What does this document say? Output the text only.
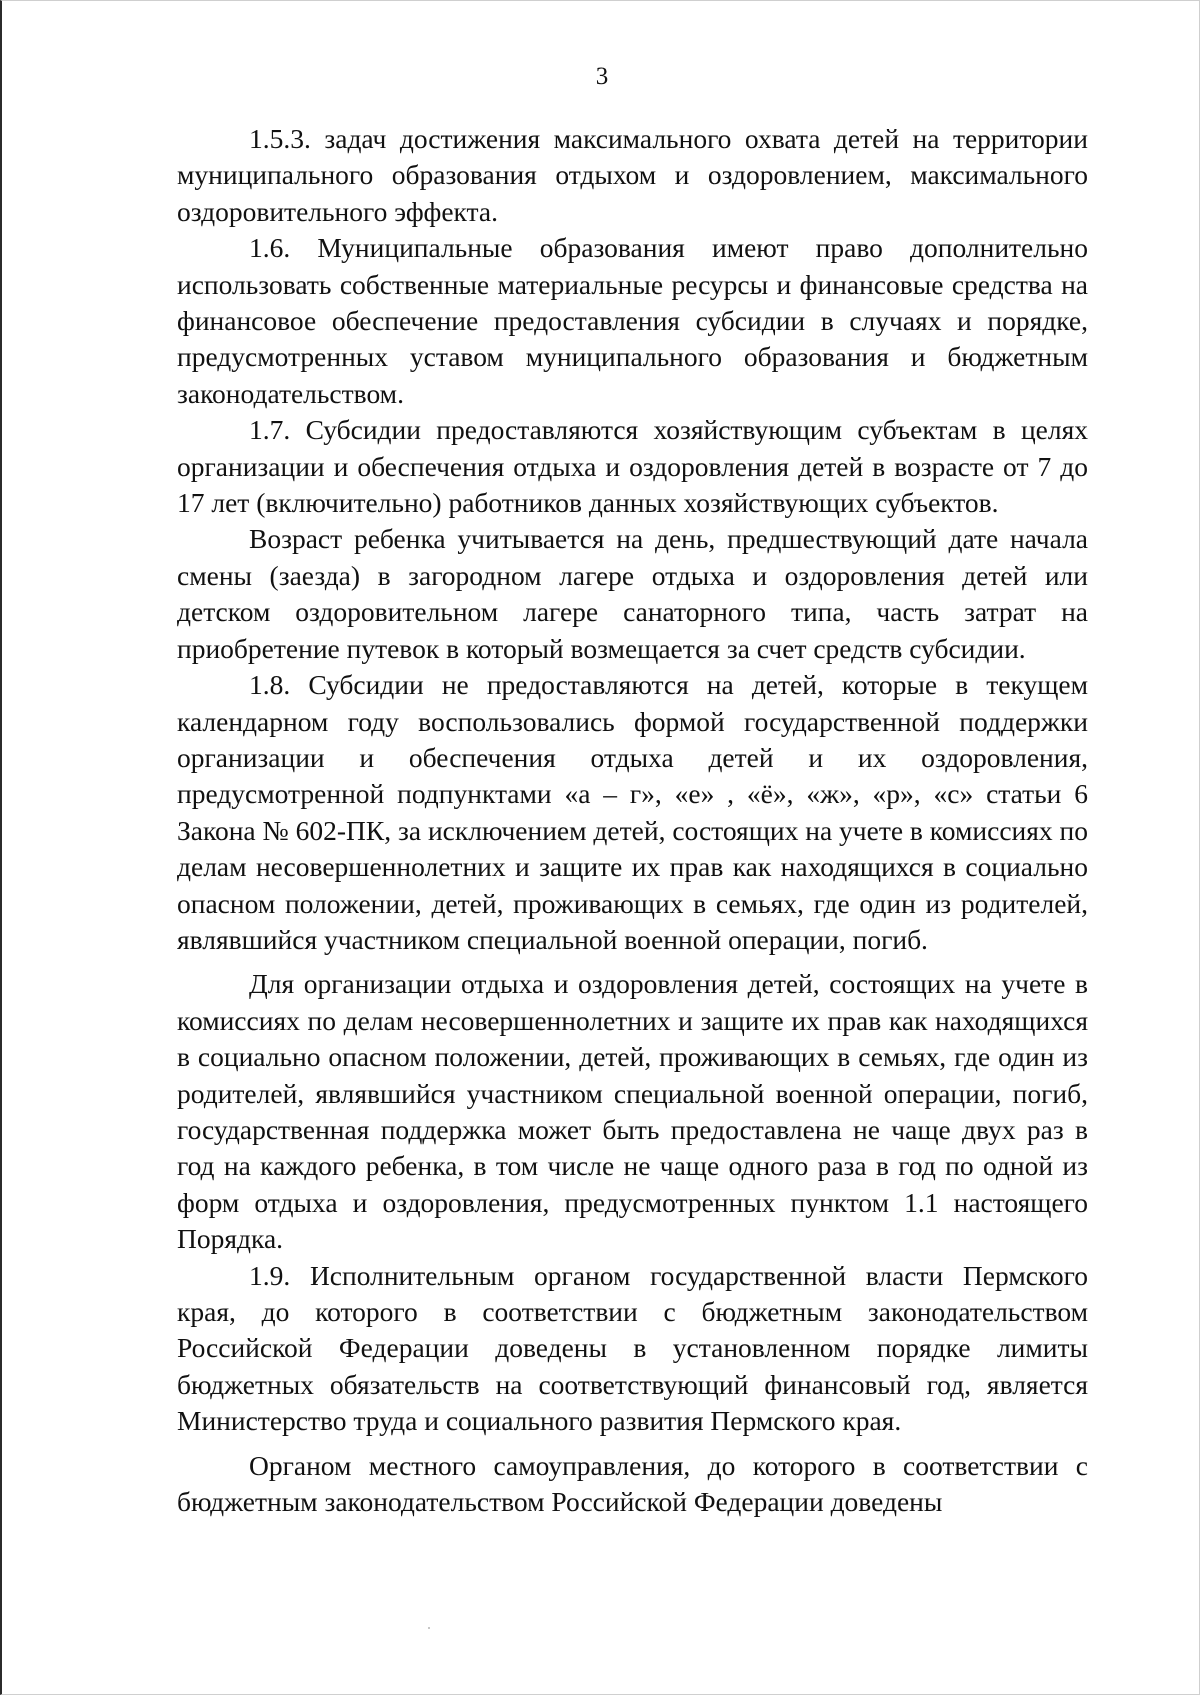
3

1.5.3. задач достижения максимального охвата детей на территории муниципального образования отдыхом и оздоровлением, максимального оздоровительного эффекта.

1.6. Муниципальные образования имеют право дополнительно использовать собственные материальные ресурсы и финансовые средства на финансовое обеспечение предоставления субсидии в случаях и порядке, предусмотренных уставом муниципального образования и бюджетным законодательством.

1.7. Субсидии предоставляются хозяйствующим субъектам в целях организации и обеспечения отдыха и оздоровления детей в возрасте от 7 до 17 лет (включительно) работников данных хозяйствующих субъектов.

Возраст ребенка учитывается на день, предшествующий дате начала смены (заезда) в загородном лагере отдыха и оздоровления детей или детском оздоровительном лагере санаторного типа, часть затрат на приобретение путевок в который возмещается за счет средств субсидии.

1.8. Субсидии не предоставляются на детей, которые в текущем календарном году воспользовались формой государственной поддержки организации и обеспечения отдыха детей и их оздоровления, предусмотренной подпунктами «а – г», «е» , «ё», «ж», «р», «с» статьи 6 Закона № 602-ПК, за исключением детей, состоящих на учете в комиссиях по делам несовершеннолетних и защите их прав как находящихся в социально опасном положении, детей, проживающих в семьях, где один из родителей, являвшийся участником специальной военной операции, погиб.

Для организации отдыха и оздоровления детей, состоящих на учете в комиссиях по делам несовершеннолетних и защите их прав как находящихся в социально опасном положении, детей, проживающих в семьях, где один из родителей, являвшийся участником специальной военной операции, погиб, государственная поддержка может быть предоставлена не чаще двух раз в год на каждого ребенка, в том числе не чаще одного раза в год по одной из форм отдыха и оздоровления, предусмотренных пунктом 1.1 настоящего Порядка.

1.9. Исполнительным органом государственной власти Пермского края, до которого в соответствии с бюджетным законодательством Российской Федерации доведены в установленном порядке лимиты бюджетных обязательств на соответствующий финансовый год, является Министерство труда и социального развития Пермского края.

Органом местного самоуправления, до которого в соответствии с бюджетным законодательством Российской Федерации доведены
